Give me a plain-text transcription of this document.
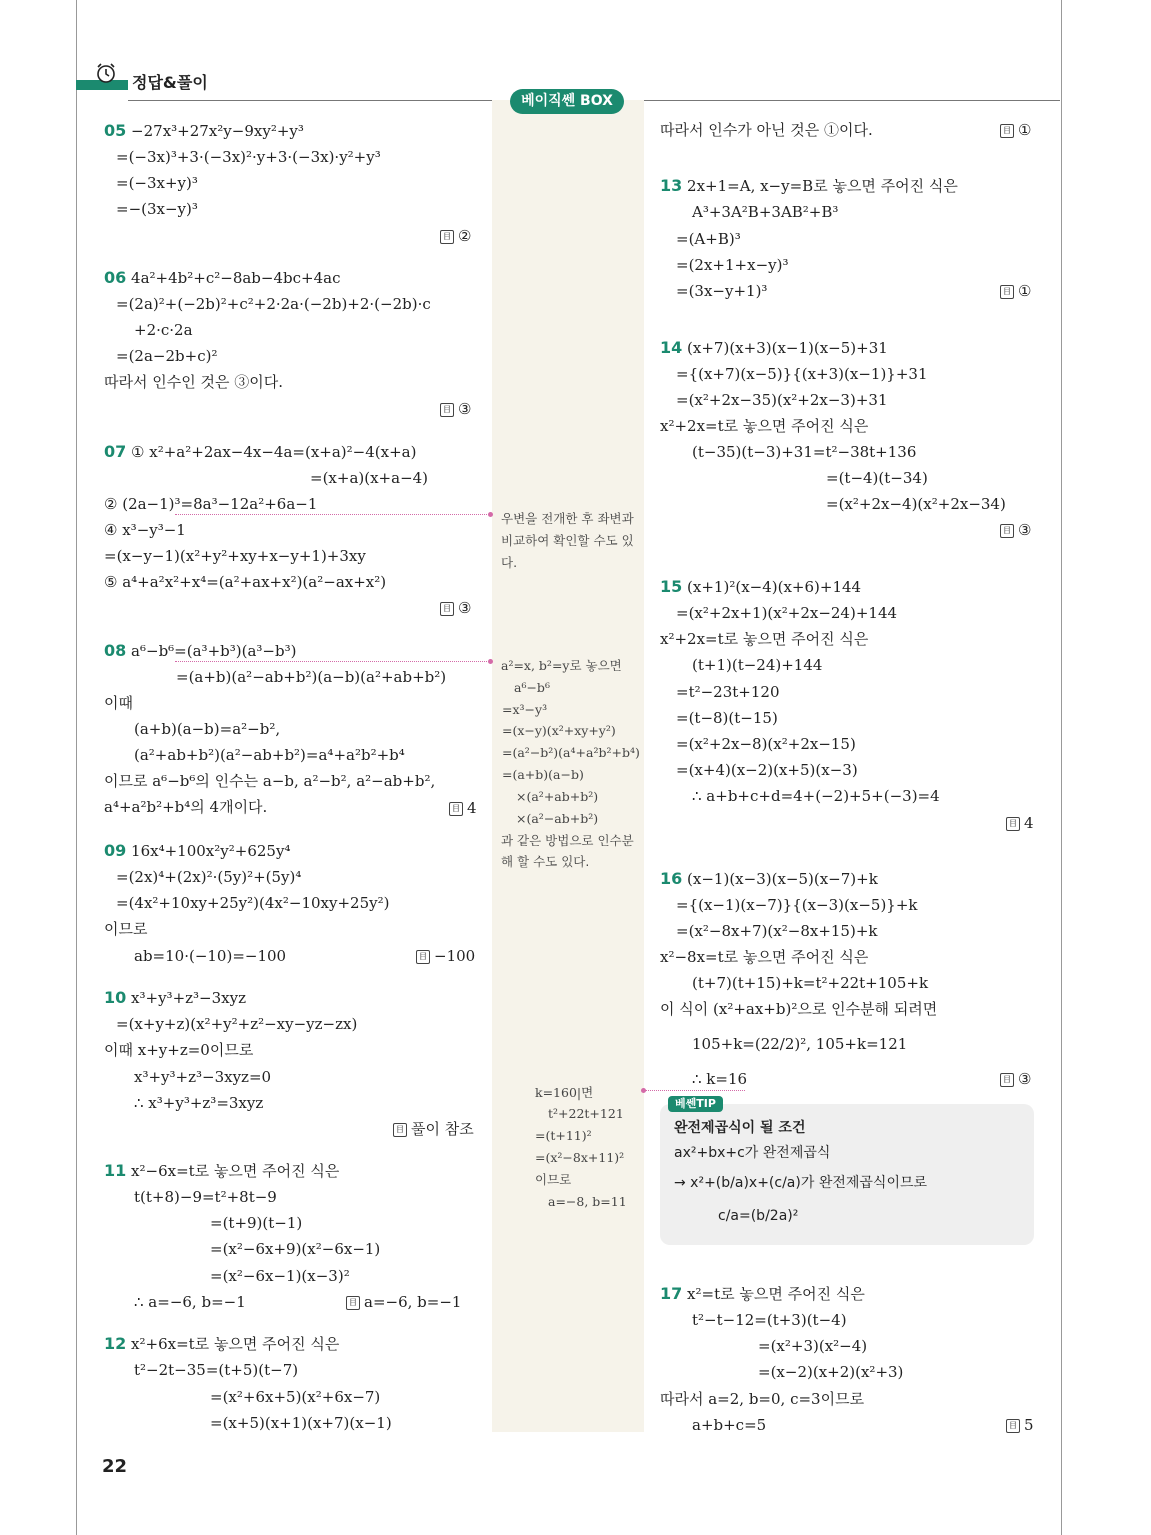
정답&풀이
베이직쎈 BOX
05 −27x³+27x²y−9xy²+y³
=(−3x)³+3·(−3x)²·y+3·(−3x)·y²+y³
=(−3x+y)³
=−(3x−y)³
06 4a²+4b²+c²−8ab−4bc+4ac
=(2a)²+(−2b)²+c²+2·2a·(−2b)+2·(−2b)·c
+2·c·2a
=(2a−2b+c)²
따라서 인수인 것은 ③이다.
07 ① x²+a²+2ax−4x−4a=(x+a)²−4(x+a)
=(x+a)(x+a−4)
② (2a−1)³=8a³−12a²+6a−1
④ x³−y³−1
=(x−y−1)(x²+y²+xy+x−y+1)+3xy
⑤ a⁴+a²x²+x⁴=(a²+ax+x²)(a²−ax+x²)
08 a⁶−b⁶=(a³+b³)(a³−b³)
=(a+b)(a²−ab+b²)(a−b)(a²+ab+b²)
이때
(a+b)(a−b)=a²−b²,
(a²+ab+b²)(a²−ab+b²)=a⁴+a²b²+b⁴
이므로 a⁶−b⁶의 인수는 a−b, a²−b², a²−ab+b²,
a⁴+a²b²+b⁴의 4개이다.
09 16x⁴+100x²y²+625y⁴
=(2x)⁴+(2x)²·(5y)²+(5y)⁴
=(4x²+10xy+25y²)(4x²−10xy+25y²)
이므로
ab=10·(−10)=−100
10 x³+y³+z³−3xyz
=(x+y+z)(x²+y²+z²−xy−yz−zx)
이때 x+y+z=0이므로
x³+y³+z³−3xyz=0
∴ x³+y³+z³=3xyz
11 x²−6x=t로 놓으면 주어진 식은
t(t+8)−9=t²+8t−9
=(t+9)(t−1)
=(x²−6x+9)(x²−6x−1)
=(x²−6x−1)(x−3)²
∴ a=−6, b=−1
12 x²+6x=t로 놓으면 주어진 식은
t²−2t−35=(t+5)(t−7)
=(x²+6x+5)(x²+6x−7)
=(x+5)(x+1)(x+7)(x−1)
따라서 인수가 아닌 것은 ①이다.
13 2x+1=A, x−y=B로 놓으면 주어진 식은
A³+3A²B+3AB²+B³
=(A+B)³
=(2x+1+x−y)³
=(3x−y+1)³
14 (x+7)(x+3)(x−1)(x−5)+31
={(x+7)(x−5)}{(x+3)(x−1)}+31
=(x²+2x−35)(x²+2x−3)+31
x²+2x=t로 놓으면 주어진 식은
(t−35)(t−3)+31=t²−38t+136
=(t−4)(t−34)
=(x²+2x−4)(x²+2x−34)
15 (x+1)²(x−4)(x+6)+144
=(x²+2x+1)(x²+2x−24)+144
x²+2x=t로 놓으면 주어진 식은
(t+1)(t−24)+144
=t²−23t+120
=(t−8)(t−15)
=(x²+2x−8)(x²+2x−15)
=(x+4)(x−2)(x+5)(x−3)
∴ a+b+c+d=4+(−2)+5+(−3)=4
16 (x−1)(x−3)(x−5)(x−7)+k
={(x−1)(x−7)}{(x−3)(x−5)}+k
=(x²−8x+7)(x²−8x+15)+k
x²−8x=t로 놓으면 주어진 식은
(t+7)(t+15)+k=t²+22t+105+k
이 식이 (x²+ax+b)²으로 인수분해 되려면
105+k=(22/2)², 105+k=121
∴ k=16
17 x²=t로 놓으면 주어진 식은
t²−t−12=(t+3)(t−4)
=(x²+3)(x²−4)
=(x−2)(x+2)(x²+3)
따라서 a=2, b=0, c=3이므로
a+b+c=5
目 ②
目 ③
目 ③
目 4
目 −100
目 풀이 참조
目 a=−6, b=−1
目 ①
目 ①
目 ③
目 4
目 ③
目 5
우변을 전개한 후 좌변과
비교하여 확인할 수도 있
다.
a²=x, b²=y로 놓으면
a⁶−b⁶
=x³−y³
=(x−y)(x²+xy+y²)
=(a²−b²)(a⁴+a²b²+b⁴)
=(a+b)(a−b)
×(a²+ab+b²)
×(a²−ab+b²)
과 같은 방법으로 인수분
해 할 수도 있다.
k=160|면
t²+22t+121
=(t+11)²
=(x²−8x+11)²
이므로
a=−8, b=11
베쎈TIP
완전제곱식이 될 조건
ax²+bx+c가 완전제곱식
→ x²+(b/a)x+(c/a)가 완전제곱식이므로
c/a=(b/2a)²
22
